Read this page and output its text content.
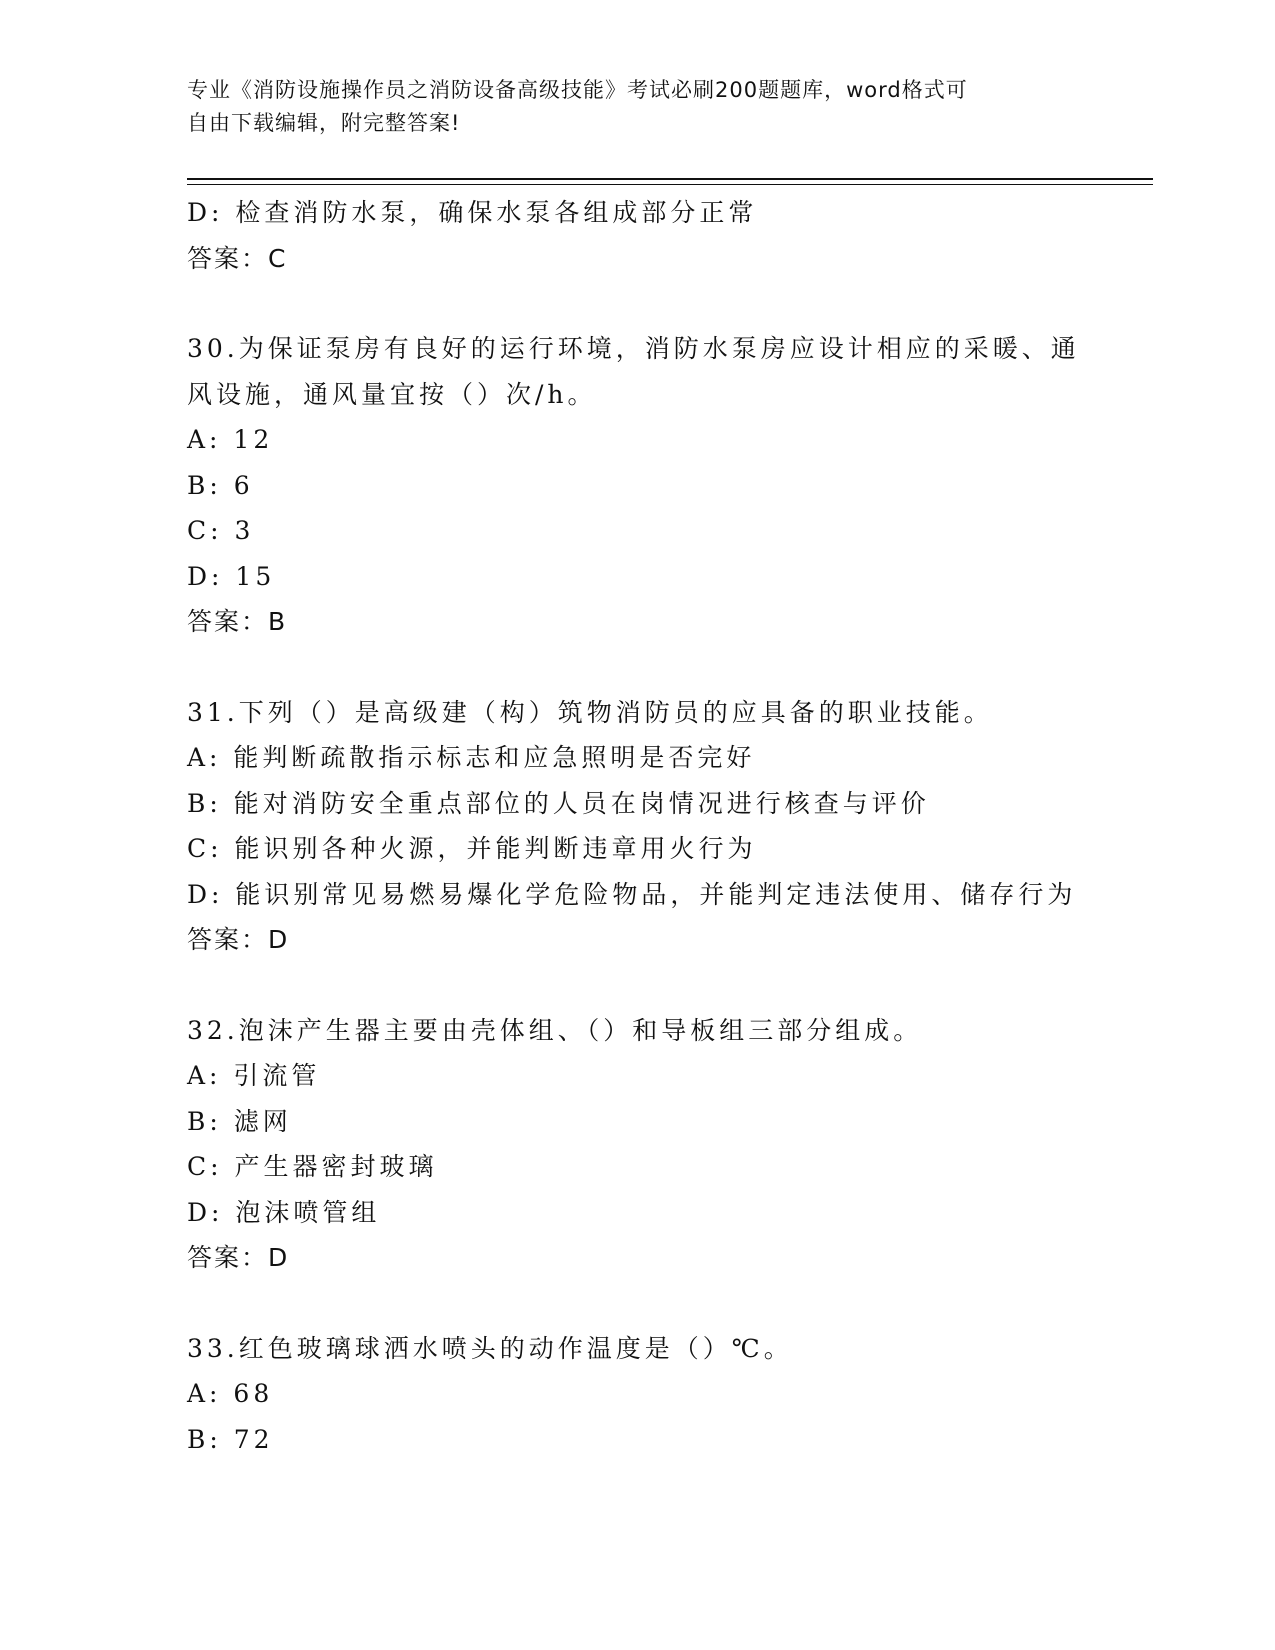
专业《消防设施操作员之消防设备高级技能》考试必刷200题题库，word格式可
自由下载编辑，附完整答案!
D: 检查消防水泵，确保水泵各组成部分正常
答案：C
30.为保证泵房有良好的运行环境，消防水泵房应设计相应的采暖、通
风设施，通风量宜按（）次/h。
A: 12
B: 6
C: 3
D: 15
答案：B
31.下列（）是高级建（构）筑物消防员的应具备的职业技能。
A: 能判断疏散指示标志和应急照明是否完好
B: 能对消防安全重点部位的人员在岗情况进行核查与评价
C: 能识别各种火源，并能判断违章用火行为
D: 能识别常见易燃易爆化学危险物品，并能判定违法使用、储存行为
答案：D
32.泡沫产生器主要由壳体组、（）和导板组三部分组成。
A: 引流管
B: 滤网
C: 产生器密封玻璃
D: 泡沫喷管组
答案：D
33.红色玻璃球洒水喷头的动作温度是（）℃。
A: 68
B: 72
